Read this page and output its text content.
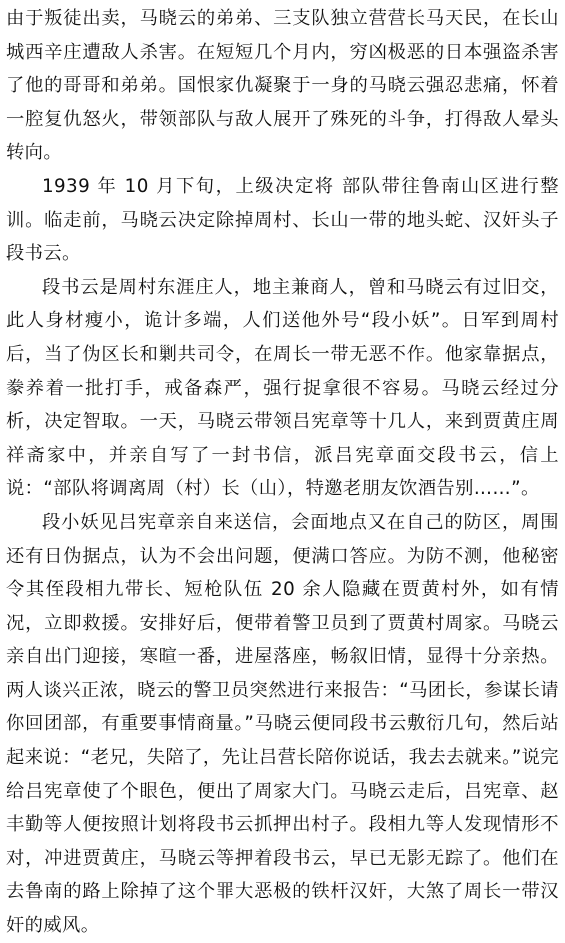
由于叛徒出卖，马晓云的弟弟、三支队独立营营长马天民，在长山城西辛庄遭敌人杀害。在短短几个月内，穷凶极恶的日本强盗杀害了他的哥哥和弟弟。国恨家仇凝聚于一身的马晓云强忍悲痛，怀着一腔复仇怒火，带领部队与敌人展开了殊死的斗争，打得敌人晕头转向。

1939 年 10 月下旬，上级决定将 部队带往鲁南山区进行整训。临走前，马晓云决定除掉周村、长山一带的地头蛇、汉奸头子段书云。

段书云是周村东涯庄人，地主兼商人，曾和马晓云有过旧交，此人身材瘦小，诡计多端，人们送他外号“段小妖”。日军到周村后，当了伪区长和剿共司令，在周长一带无恶不作。他家靠据点，豢养着一批打手，戒备森严，强行捉拿很不容易。马晓云经过分析，决定智取。一天，马晓云带领吕宪章等十几人，来到贾黄庄周祥斋家中，并亲自写了一封书信，派吕宪章面交段书云，信上说：“部队将调离周（村）长（山），特邀老朋友饮酒告别……”。

段小妖见吕宪章亲自来送信，会面地点又在自己的防区，周围还有日伪据点，认为不会出问题，便满口答应。为防不测，他秘密令其侄段相九带长、短枪队伍 20 余人隐藏在贾黄村外，如有情况，立即救援。安排好后，便带着警卫员到了贾黄村周家。马晓云亲自出门迎接，寒暄一番，进屋落座，畅叙旧情，显得十分亲热。两人谈兴正浓，晓云的警卫员突然进行来报告：“马团长，参谋长请你回团部，有重要事情商量。”马晓云便同段书云敷衍几句，然后站起来说：“老兄，失陪了，先让吕营长陪你说话，我去去就来。”说完给吕宪章使了个眼色，便出了周家大门。马晓云走后，吕宪章、赵丰勤等人便按照计划将段书云抓押出村子。段相九等人发现情形不对，冲进贾黄庄，马晓云等押着段书云，早已无影无踪了。他们在去鲁南的路上除掉了这个罪大恶极的铁杆汉奸，大煞了周长一带汉奸的威风。
